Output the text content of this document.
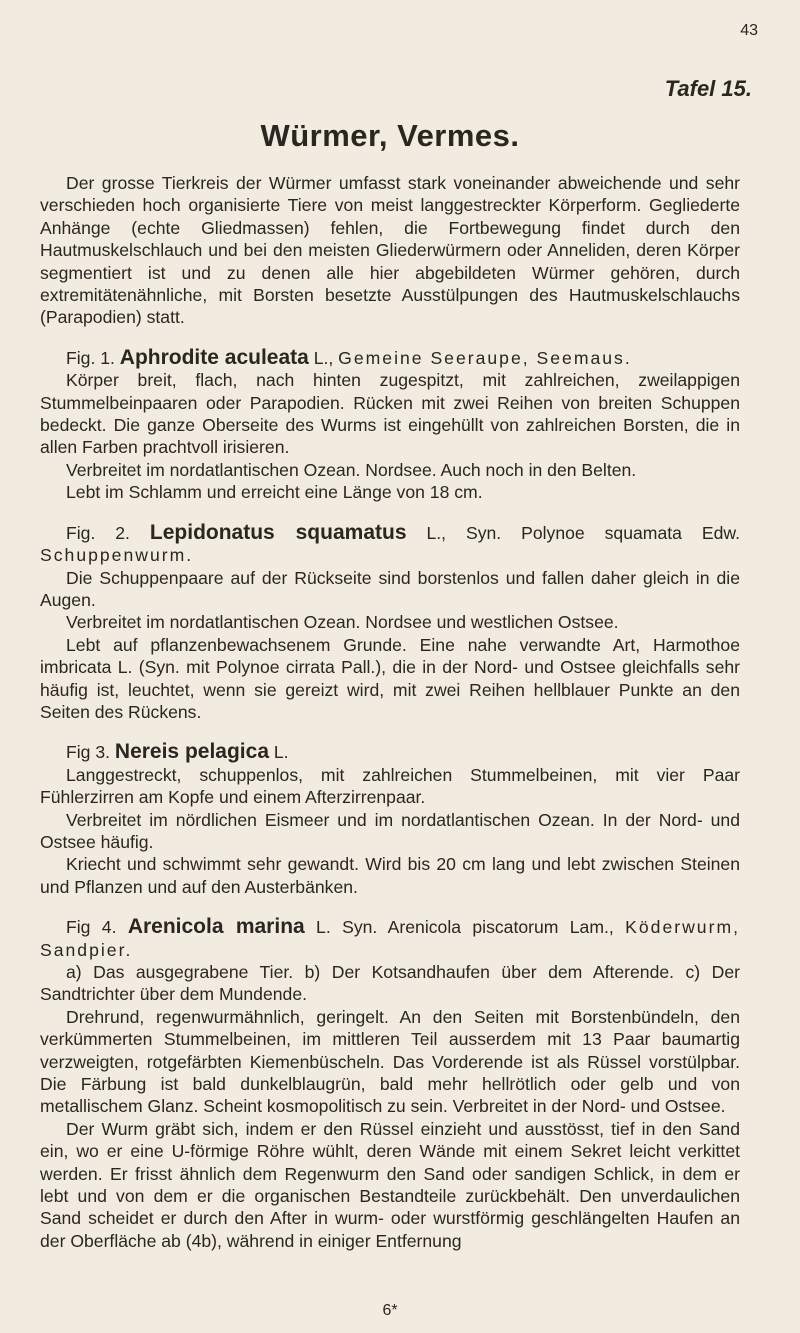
43
Tafel 15.
Würmer, Vermes.

Der grosse Tierkreis der Würmer umfasst stark voneinander abweichende und sehr verschieden hoch organisierte Tiere von meist langgestreckter Körperform. Gegliederte Anhänge (echte Gliedmassen) fehlen, die Fortbewegung findet durch den Hautmuskelschlauch und bei den meisten Gliederwürmern oder Anneliden, deren Körper segmentiert ist und zu denen alle hier abgebildeten Würmer gehören, durch extremitätenähnliche, mit Borsten besetzte Ausstülpungen des Hautmuskelschlauchs (Parapodien) statt.

Fig. 1. Aphrodite aculeata L., Gemeine Seeraupe, Seemaus.

Körper breit, flach, nach hinten zugespitzt, mit zahlreichen, zweilappigen Stummelbeinpaaren oder Parapodien. Rücken mit zwei Reihen von breiten Schuppen bedeckt. Die ganze Oberseite des Wurms ist eingehüllt von zahlreichen Borsten, die in allen Farben prachtvoll irisieren.

Verbreitet im nordatlantischen Ozean. Nordsee. Auch noch in den Belten.

Lebt im Schlamm und erreicht eine Länge von 18 cm.

Fig. 2. Lepidonatus squamatus L., Syn. Polynoe squamata Edw. Schuppenwurm.

Die Schuppenpaare auf der Rückseite sind borstenlos und fallen daher gleich in die Augen.

Verbreitet im nordatlantischen Ozean. Nordsee und westlichen Ostsee.

Lebt auf pflanzenbewachsenem Grunde. Eine nahe verwandte Art, Harmothoe imbricata L. (Syn. mit Polynoe cirrata Pall.), die in der Nord- und Ostsee gleichfalls sehr häufig ist, leuchtet, wenn sie gereizt wird, mit zwei Reihen hellblauer Punkte an den Seiten des Rückens.

Fig 3. Nereis pelagica L.

Langgestreckt, schuppenlos, mit zahlreichen Stummelbeinen, mit vier Paar Fühlerzirren am Kopfe und einem Afterzirrenpaar.

Verbreitet im nördlichen Eismeer und im nordatlantischen Ozean. In der Nord- und Ostsee häufig.

Kriecht und schwimmt sehr gewandt. Wird bis 20 cm lang und lebt zwischen Steinen und Pflanzen und auf den Austerbänken.

Fig 4. Arenicola marina L. Syn. Arenicola piscatorum Lam., Köderwurm, Sandpier.

a) Das ausgegrabene Tier. b) Der Kotsandhaufen über dem Afterende. c) Der Sandtrichter über dem Mundende.

Drehrund, regenwurmähnlich, geringelt. An den Seiten mit Borstenbündeln, den verkümmerten Stummelbeinen, im mittleren Teil ausserdem mit 13 Paar baumartig verzweigten, rotgefärbten Kiemenbüscheln. Das Vorderende ist als Rüssel vorstülpbar. Die Färbung ist bald dunkelblaugrün, bald mehr hellrötlich oder gelb und von metallischem Glanz. Scheint kosmopolitisch zu sein. Verbreitet in der Nord- und Ostsee.

Der Wurm gräbt sich, indem er den Rüssel einzieht und ausstösst, tief in den Sand ein, wo er eine U-förmige Röhre wühlt, deren Wände mit einem Sekret leicht verkittet werden. Er frisst ähnlich dem Regenwurm den Sand oder sandigen Schlick, in dem er lebt und von dem er die organischen Bestandteile zurückbehält. Den unverdaulichen Sand scheidet er durch den After in wurm- oder wurstförmig geschlängelten Haufen an der Oberfläche ab (4b), während in einiger Entfernung

6*
